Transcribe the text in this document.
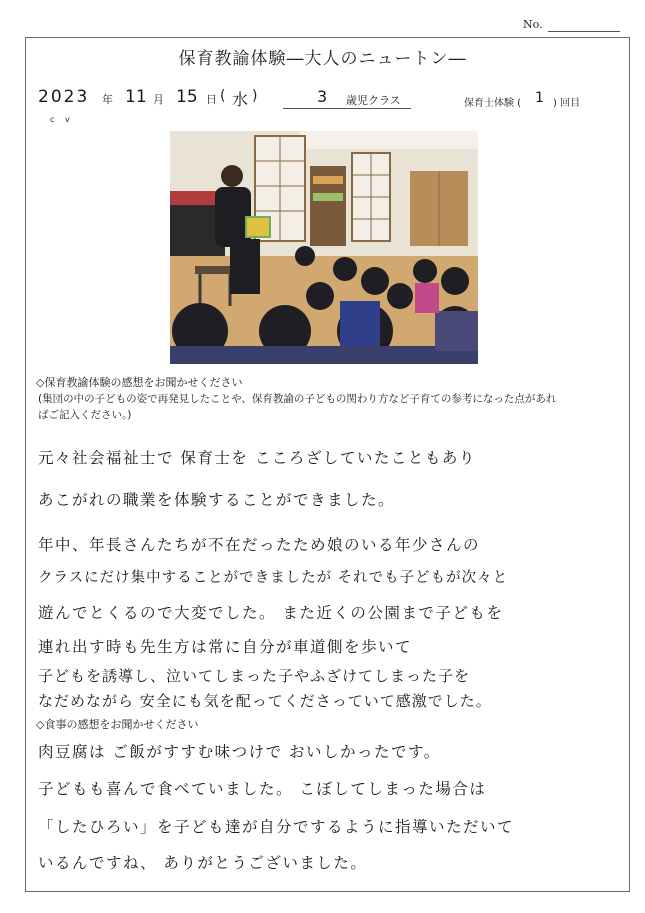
No.
保育教諭体験―大人のニュートン―
2023 年 11 月 15 日 ( 水 )	3 歳児クラス	保育士体験 ( 1 ) 回目
c v
◇保育教諭体験の感想をお聞かせください
(集団の中の子どもの姿で再発見したことや、保育教諭の子どもの関わり方など子育ての参考になった点があれ
ばご記入ください。)
元々社会福祉士で 保育士を こころざしていたこともあり
あこがれの職業を体験することができました。
年中、年長さんたちが不在だったため娘のいる年少さんの
クラスにだけ集中することができましたが それでも子どもが次々と
遊んでとくるので大変でした。 また近くの公園まで子どもを
連れ出す時も先生方は常に自分が車道側を歩いて
子どもを誘導し、泣いてしまった子やふざけてしまった子を
なだめながら 安全にも気を配ってくださっていて感激でした。
◇食事の感想をお聞かせください
肉豆腐は ご飯がすすむ味つけで おいしかったです。
子どもも喜んで食べていました。 こぼしてしまった場合は
「したひろい」を子ども達が自分でするように指導いただいて
いるんですね、 ありがとうございました。
